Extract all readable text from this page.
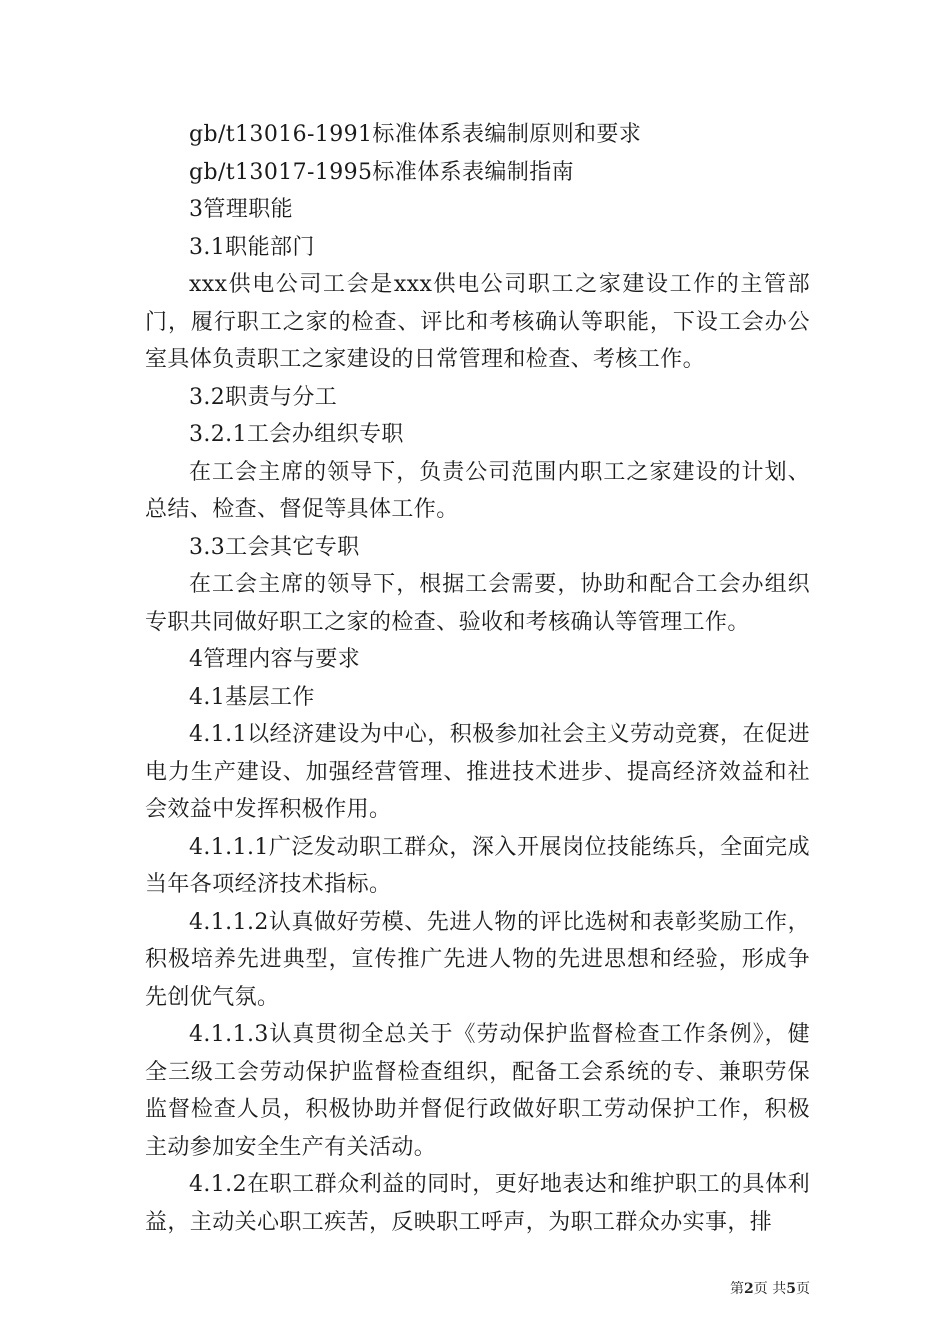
gb/t13016-1991标准体系表编制原则和要求

gb/t13017-1995标准体系表编制指南

3管理职能

3.1职能部门

xxx供电公司工会是xxx供电公司职工之家建设工作的主管部门，履行职工之家的检查、评比和考核确认等职能，下设工会办公室具体负责职工之家建设的日常管理和检查、考核工作。

3.2职责与分工

3.2.1工会办组织专职

在工会主席的领导下，负责公司范围内职工之家建设的计划、总结、检查、督促等具体工作。

3.3工会其它专职

在工会主席的领导下，根据工会需要，协助和配合工会办组织专职共同做好职工之家的检查、验收和考核确认等管理工作。

4管理内容与要求

4.1基层工作

4.1.1以经济建设为中心，积极参加社会主义劳动竞赛，在促进电力生产建设、加强经营管理、推进技术进步、提高经济效益和社会效益中发挥积极作用。

4.1.1.1广泛发动职工群众，深入开展岗位技能练兵，全面完成当年各项经济技术指标。

4.1.1.2认真做好劳模、先进人物的评比选树和表彰奖励工作，积极培养先进典型，宣传推广先进人物的先进思想和经验，形成争先创优气氛。

4.1.1.3认真贯彻全总关于《劳动保护监督检查工作条例》，健全三级工会劳动保护监督检查组织，配备工会系统的专、兼职劳保监督检查人员，积极协助并督促行政做好职工劳动保护工作，积极主动参加安全生产有关活动。

4.1.2在职工群众利益的同时，更好地表达和维护职工的具体利益，主动关心职工疾苦，反映职工呼声，为职工群众办实事，排

第2页 共5页
